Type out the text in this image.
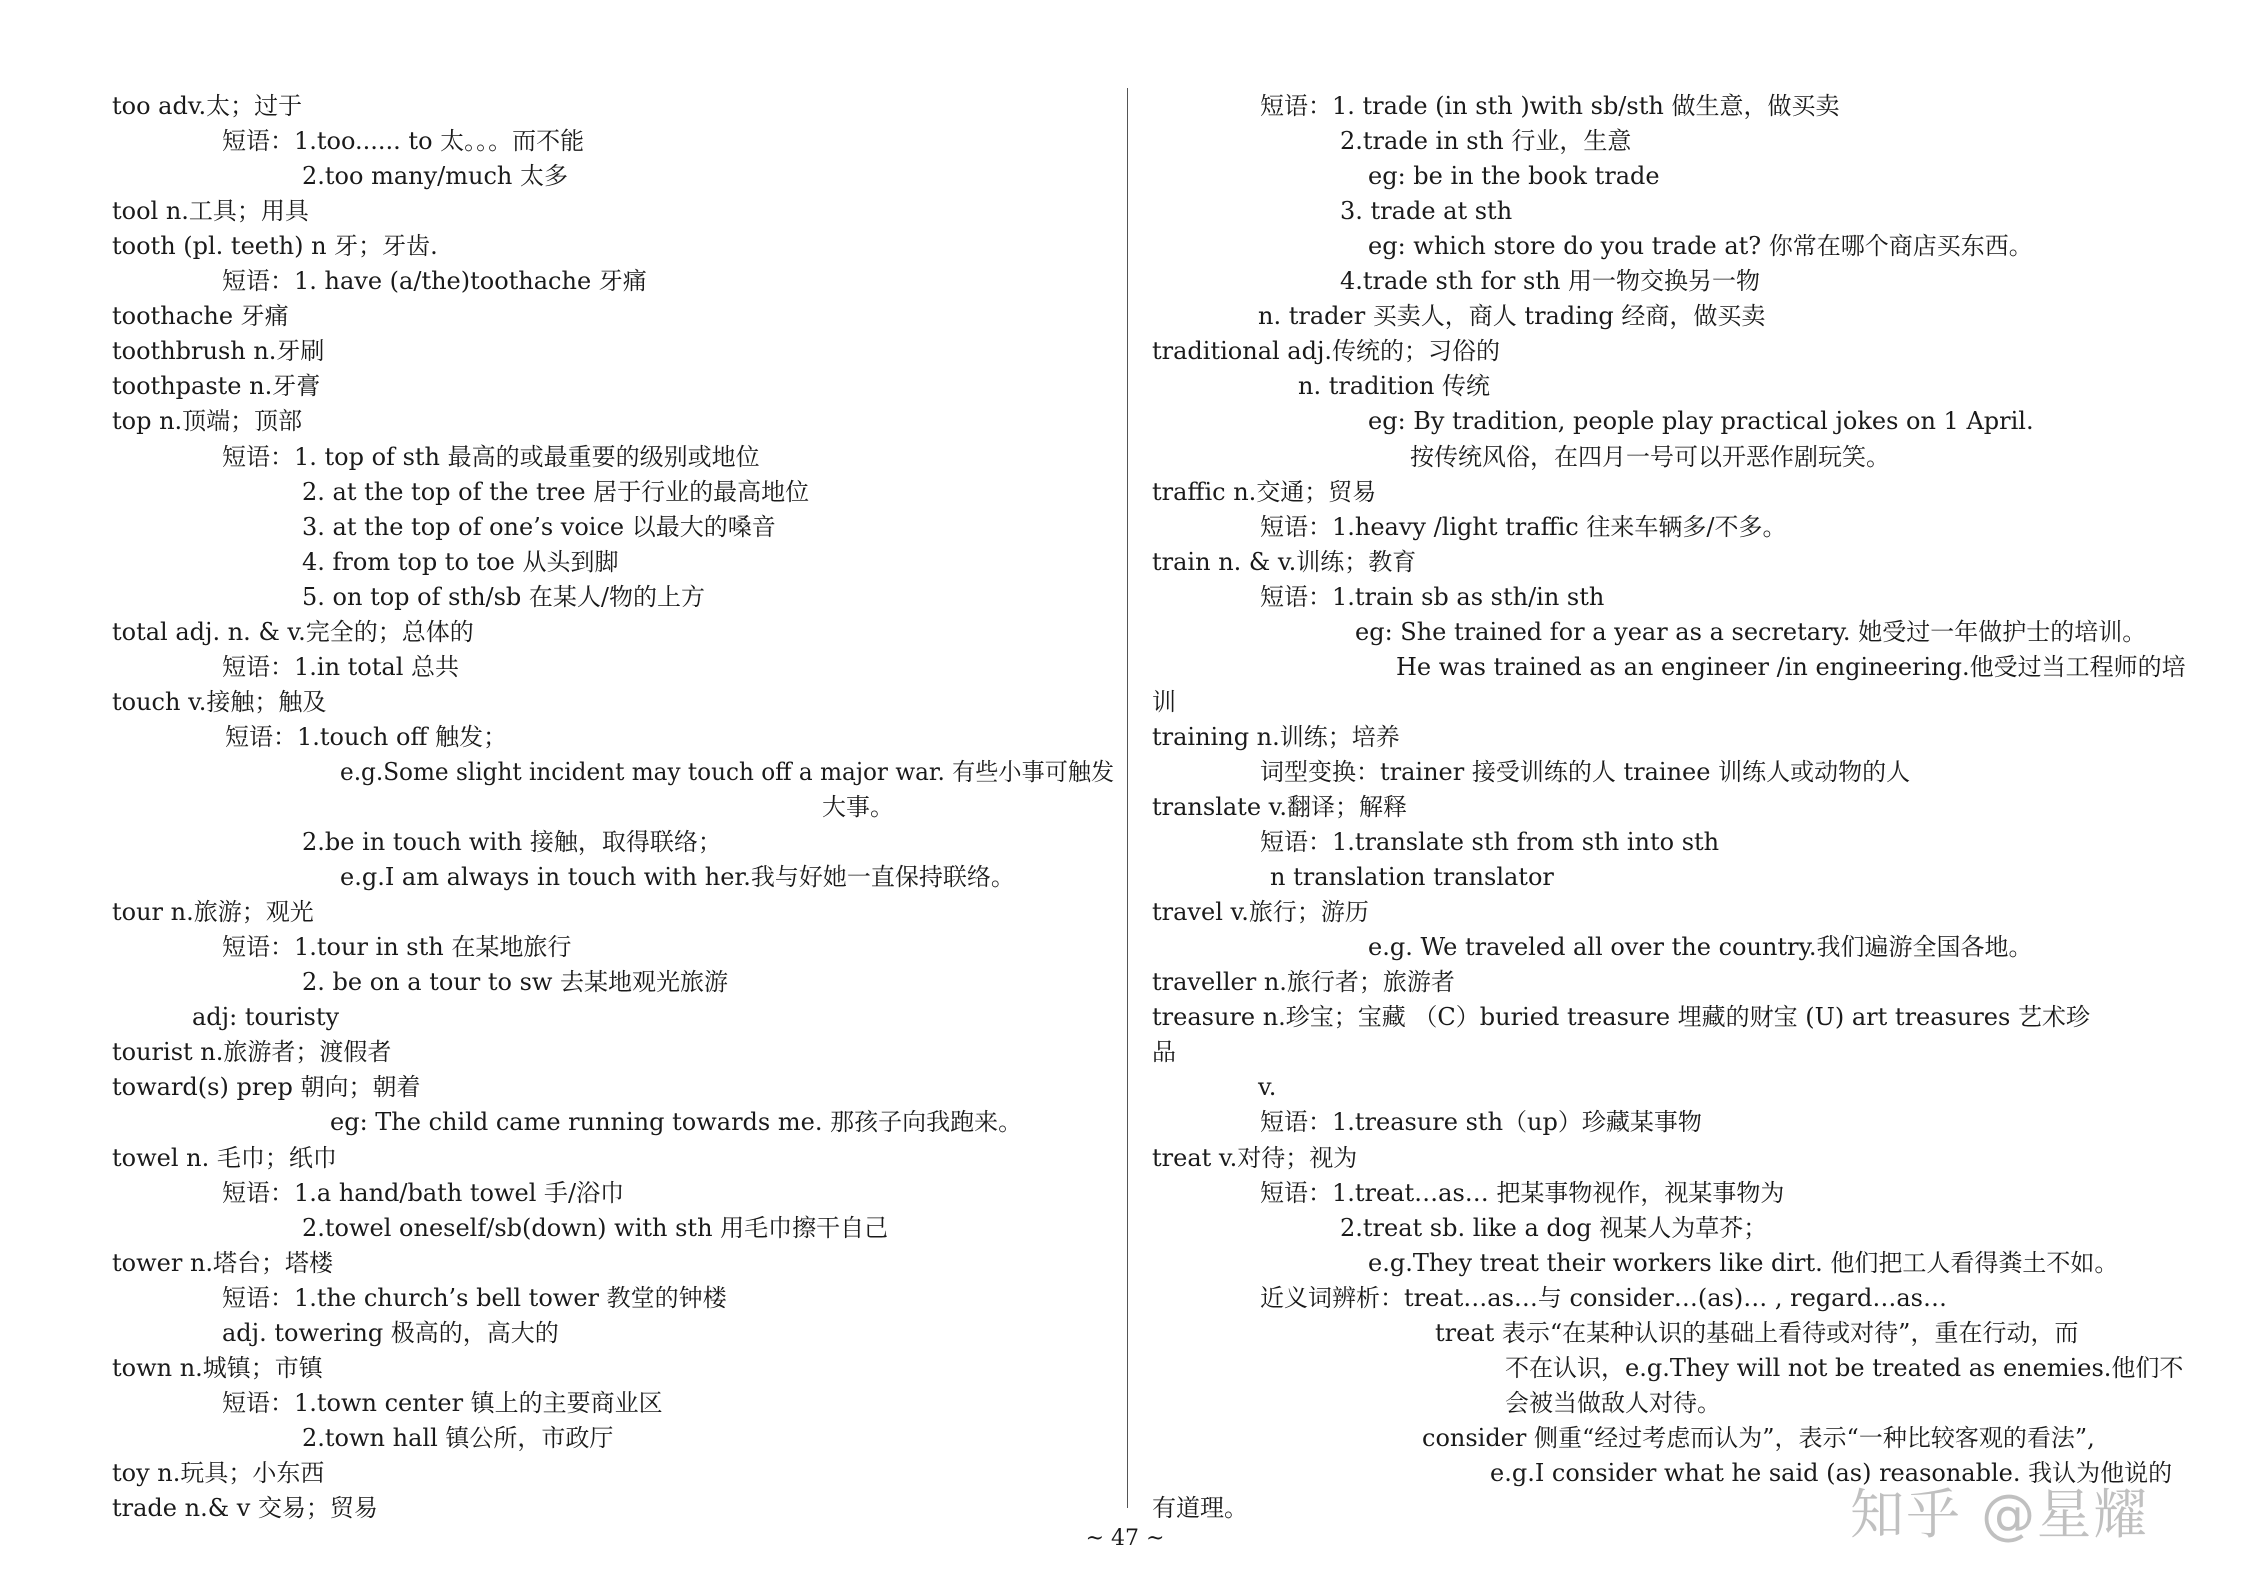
too adv.太；过于
短语：1.too...... to 太。。。而不能
2.too many/much 太多
tool n.工具；用具
tooth (pl. teeth) n 牙；牙齿.
短语：1. have (a/the)toothache 牙痛
toothache 牙痛
toothbrush n.牙刷
toothpaste n.牙膏
top n.顶端；顶部
短语：1. top of sth 最高的或最重要的级别或地位
2. at the top of the tree 居于行业的最高地位
3. at the top of one’s voice 以最大的嗓音
4. from top to toe 从头到脚
5. on top of sth/sb 在某人/物的上方
total adj. n. & v.完全的；总体的
短语：1.in total 总共
touch v.接触；触及
短语：1.touch off 触发；
e.g.Some slight incident may touch off a major war. 有些小事可触发
大事。
2.be in touch with 接触，取得联络；
e.g.I am always in touch with her.我与好她一直保持联络。
tour n.旅游；观光
短语：1.tour in sth 在某地旅行
2. be on a tour to sw 去某地观光旅游
adj: touristy
tourist n.旅游者；渡假者
toward(s) prep 朝向；朝着
eg: The child came running towards me. 那孩子向我跑来。
towel n. 毛巾；纸巾
短语：1.a hand/bath towel 手/浴巾
2.towel oneself/sb(down) with sth 用毛巾擦干自己
tower n.塔台；塔楼
短语：1.the church’s bell tower 教堂的钟楼
adj. towering 极高的，高大的
town n.城镇；市镇
短语：1.town center 镇上的主要商业区
2.town hall 镇公所，市政厅
toy n.玩具；小东西
trade n.& v 交易；贸易
短语：1. trade (in sth )with sb/sth 做生意，做买卖
2.trade in sth 行业，生意
eg: be in the book trade
3. trade at sth
eg: which store do you trade at? 你常在哪个商店买东西。
4.trade sth for sth 用一物交换另一物
n. trader 买卖人，商人 trading 经商，做买卖
traditional adj.传统的；习俗的
n. tradition 传统
eg: By tradition, people play practical jokes on 1 April.
按传统风俗，在四月一号可以开恶作剧玩笑。
traffic n.交通；贸易
短语：1.heavy /light traffic 往来车辆多/不多。
train n. & v.训练；教育
短语：1.train sb as sth/in sth
eg: She trained for a year as a secretary. 她受过一年做护士的培训。
He was trained as an engineer /in engineering.他受过当工程师的培
训
training n.训练；培养
词型变换：trainer 接受训练的人 trainee 训练人或动物的人
translate v.翻译；解释
短语：1.translate sth from sth into sth
n translation translator
travel v.旅行；游历
e.g. We traveled all over the country.我们遍游全国各地。
traveller n.旅行者；旅游者
treasure n.珍宝；宝藏 （C）buried treasure 埋藏的财宝 (U) art treasures 艺术珍
品
v.
短语：1.treasure sth（up）珍藏某事物
treat v.对待；视为
短语：1.treat…as… 把某事物视作，视某事物为
2.treat sb. like a dog 视某人为草芥；
e.g.They treat their workers like dirt. 他们把工人看得粪土不如。
近义词辨析：treat…as…与 consider…(as)… , regard…as…
treat 表示“在某种认识的基础上看待或对待”，重在行动，而
不在认识，e.g.They will not be treated as enemies.他们不
会被当做敌人对待。
consider 侧重“经过考虑而认为”，表示“一种比较客观的看法”,
e.g.I consider what he said (as) reasonable. 我认为他说的
有道理。
~ 47 ~	知乎 @星耀
